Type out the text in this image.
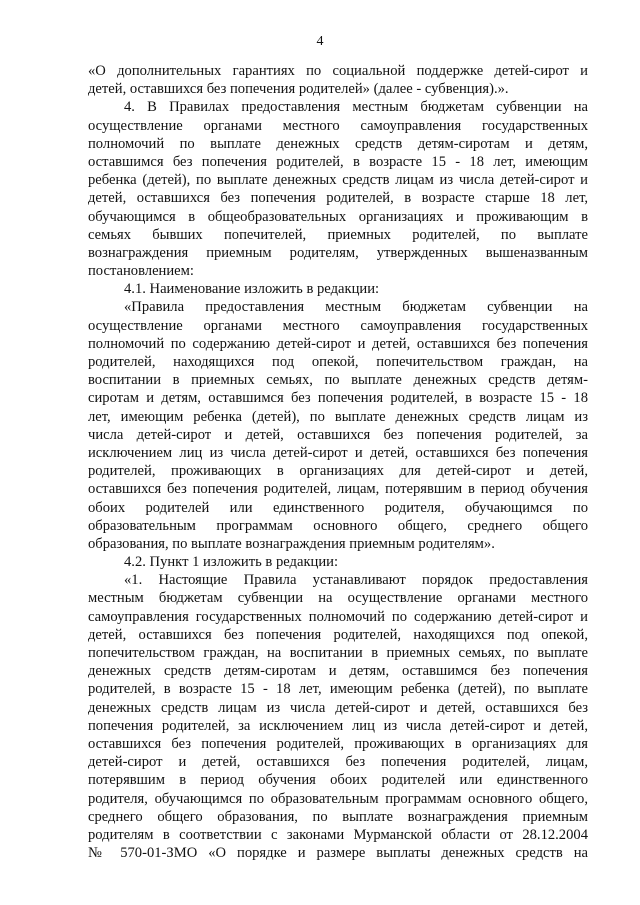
4
«О дополнительных гарантиях по социальной поддержке детей-сирот и
детей, оставшихся без попечения родителей» (далее - субвенция).».
4. В Правилах предоставления местным бюджетам субвенции на
осуществление органами местного самоуправления государственных
полномочий по выплате денежных средств детям-сиротам и детям,
оставшимся без попечения родителей, в возрасте 15 - 18 лет, имеющим
ребенка (детей), по выплате денежных средств лицам из числа детей-сирот и
детей, оставшихся без попечения родителей, в возрасте старше 18 лет,
обучающимся в общеобразовательных организациях и проживающим в
семьях бывших попечителей, приемных родителей, по выплате
вознаграждения приемным родителям, утвержденных вышеназванным
постановлением:
4.1. Наименование изложить в редакции:
«Правила предоставления местным бюджетам субвенции на
осуществление органами местного самоуправления государственных
полномочий по содержанию детей-сирот и детей, оставшихся без попечения
родителей, находящихся под опекой, попечительством граждан, на
воспитании в приемных семьях, по выплате денежных средств детям-
сиротам и детям, оставшимся без попечения родителей, в возрасте 15 - 18
лет, имеющим ребенка (детей), по выплате денежных средств лицам из
числа детей-сирот и детей, оставшихся без попечения родителей, за
исключением лиц из числа детей-сирот и детей, оставшихся без попечения
родителей, проживающих в организациях для детей-сирот и детей,
оставшихся без попечения родителей, лицам, потерявшим в период обучения
обоих родителей или единственного родителя, обучающимся по
образовательным программам основного общего, среднего общего
образования, по выплате вознаграждения приемным родителям».
4.2. Пункт 1 изложить в редакции:
«1. Настоящие Правила устанавливают порядок предоставления
местным бюджетам субвенции на осуществление органами местного
самоуправления государственных полномочий по содержанию детей-сирот и
детей, оставшихся без попечения родителей, находящихся под опекой,
попечительством граждан, на воспитании в приемных семьях, по выплате
денежных средств детям-сиротам и детям, оставшимся без попечения
родителей, в возрасте 15 - 18 лет, имеющим ребенка (детей), по выплате
денежных средств лицам из числа детей-сирот и детей, оставшихся без
попечения родителей, за исключением лиц из числа детей-сирот и детей,
оставшихся без попечения родителей, проживающих в организациях для
детей-сирот и детей, оставшихся без попечения родителей, лицам,
потерявшим в период обучения обоих родителей или единственного
родителя, обучающимся по образовательным программам основного общего,
среднего общего образования, по выплате вознаграждения приемным
родителям в соответствии с законами Мурманской области от 28.12.2004
№ 570-01-ЗМО «О порядке и размере выплаты денежных средств на
